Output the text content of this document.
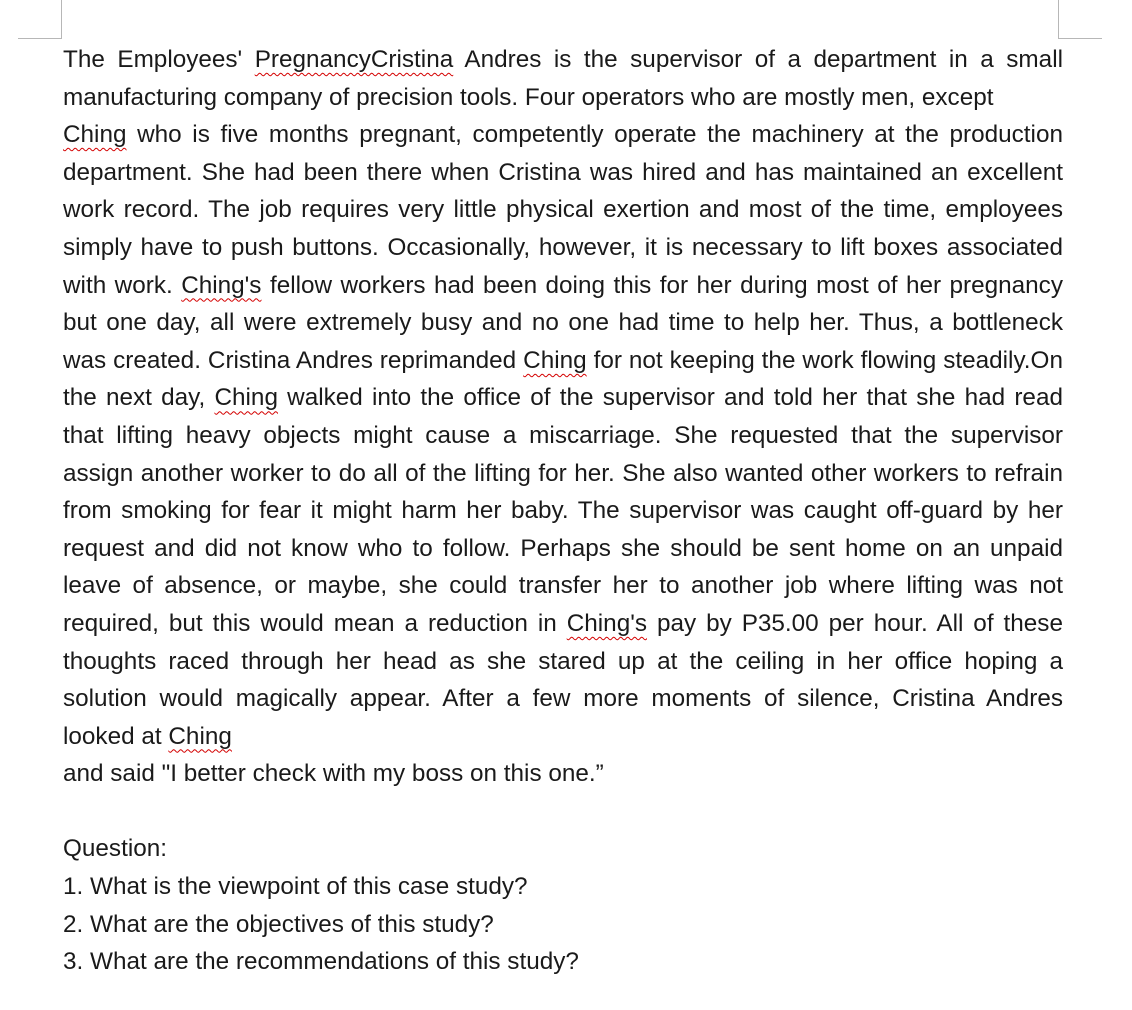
The Employees' PregnancyCristina Andres is the supervisor of a department in a small manufacturing company of precision tools. Four operators who are mostly men, except
Ching who is five months pregnant, competently operate the machinery at the production department. She had been there when Cristina was hired and has maintained an excellent work record. The job requires very little physical exertion and most of the time, employees simply have to push buttons. Occasionally, however, it is necessary to lift boxes associated with work. Ching's fellow workers had been doing this for her during most of her pregnancy but one day, all were extremely busy and no one had time to help her. Thus, a bottleneck was created. Cristina Andres reprimanded Ching for not keeping the work flowing steadily.On the next day, Ching walked into the office of the supervisor and told her that she had read that lifting heavy objects might cause a miscarriage. She requested that the supervisor assign another worker to do all of the lifting for her. She also wanted other workers to refrain from smoking for fear it might harm her baby. The supervisor was caught off-guard by her request and did not know who to follow. Perhaps she should be sent home on an unpaid leave of absence, or maybe, she could transfer her to another job where lifting was not required, but this would mean a reduction in Ching's pay by P35.00 per hour. All of these thoughts raced through her head as she stared up at the ceiling in her office hoping a solution would magically appear. After a few more moments of silence, Cristina Andres looked at Ching
and said "I better check with my boss on this one.”

Question:

1. What is the viewpoint of this case study?

2. What are the objectives of this study?

3. What are the recommendations of this study?
